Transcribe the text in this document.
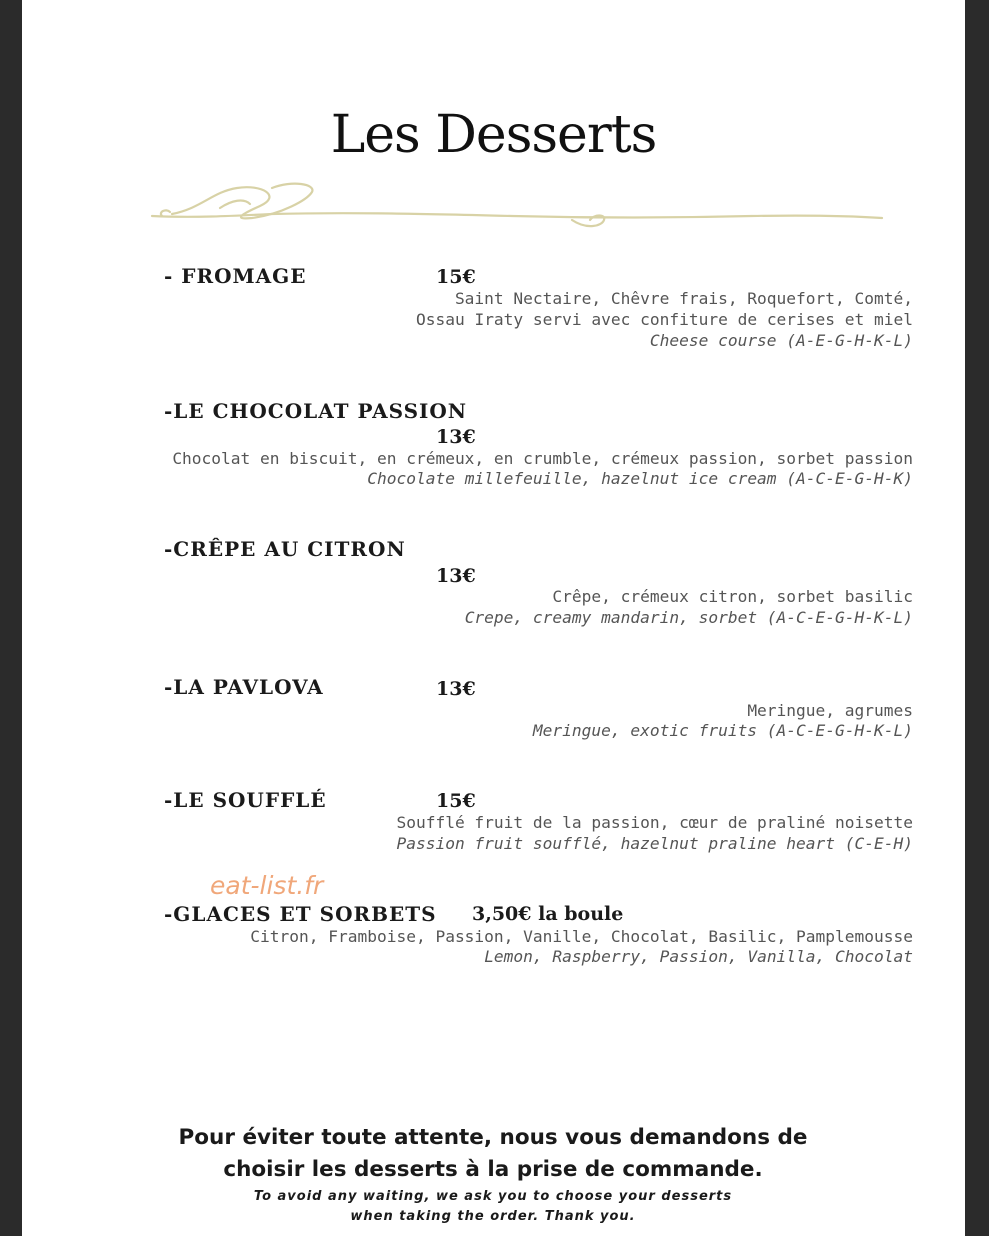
Les Desserts
- FROMAGE	15€
Saint Nectaire, Chêvre frais, Roquefort, Comté,
Ossau Iraty servi avec confiture de cerises et miel
Cheese course (A-E-G-H-K-L)
-LE CHOCOLAT PASSION
13€
Chocolat en biscuit, en crémeux, en crumble, crémeux passion, sorbet passion
Chocolate millefeuille, hazelnut ice cream (A-C-E-G-H-K)
-CRÊPE AU CITRON
13€
Crêpe, crémeux citron, sorbet basilic
Crepe, creamy mandarin, sorbet (A-C-E-G-H-K-L)
-LA PAVLOVA	13€
Meringue, agrumes
Meringue, exotic fruits (A-C-E-G-H-K-L)
-LE SOUFFLÉ	15€
Soufflé fruit de la passion, cœur de praliné noisette
Passion fruit soufflé, hazelnut praline heart (C-E-H)
eat-list.fr
-GLACES ET SORBETS 3,50€ la boule
Citron, Framboise, Passion, Vanille, Chocolat, Basilic, Pamplemousse
Lemon, Raspberry, Passion, Vanilla, Chocolat
Pour éviter toute attente, nous vous demandons de
choisir les desserts à la prise de commande.
To avoid any waiting, we ask you to choose your desserts
when taking the order. Thank you.
